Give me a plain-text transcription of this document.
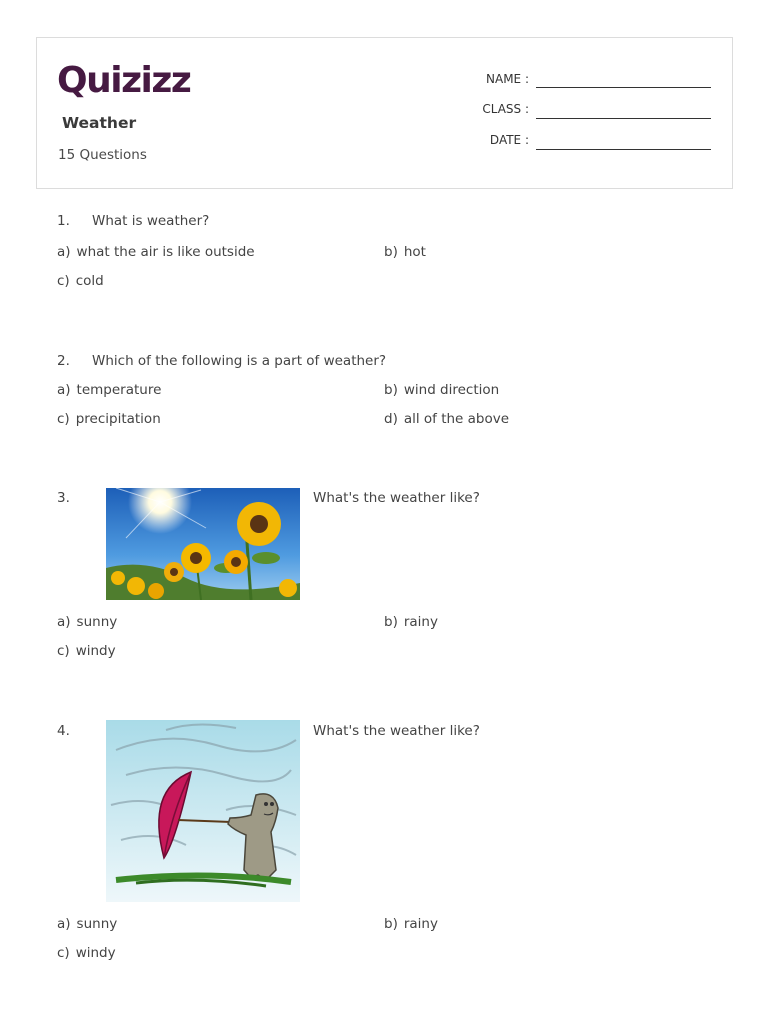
Quizizz
Weather
15 Questions
NAME :
CLASS :
DATE :
1. What is weather?
a) what the air is like outside	b) hot
c) cold
2. Which of the following is a part of weather?
a) temperature	b) wind direction
c) precipitation	d) all of the above
3.	What's the weather like?
a) sunny	b) rainy
c) windy
4.	What's the weather like?
a) sunny	b) rainy
c) windy
